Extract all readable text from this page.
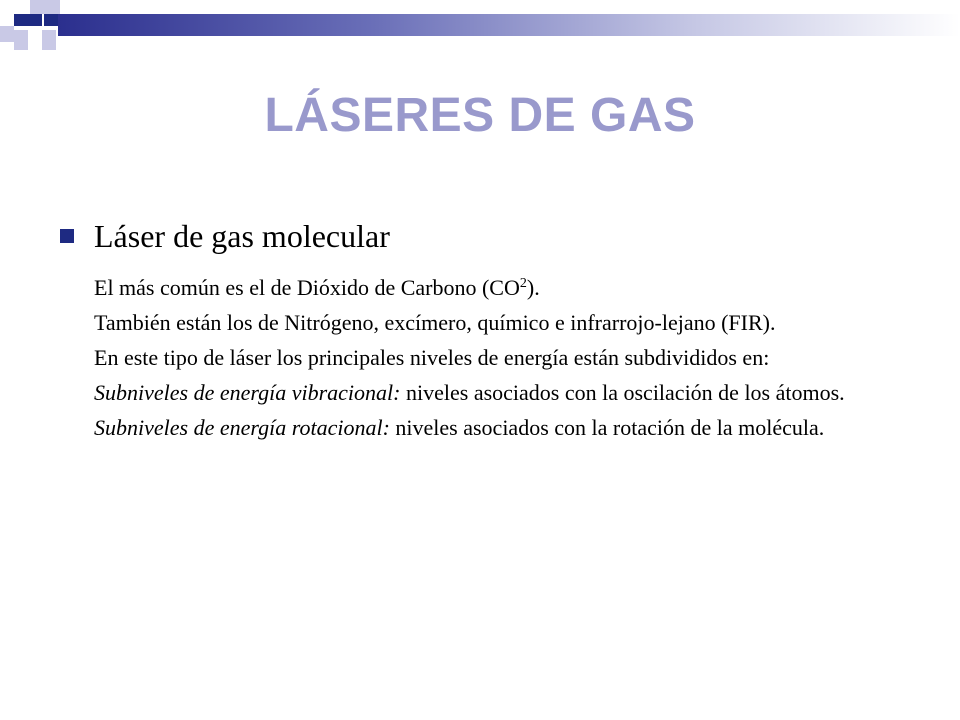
LÁSERES DE GAS
Láser de gas molecular
El más común es el de Dióxido de Carbono $(CO^2)$.
También están los de Nitrógeno, excímero, químico e infrarrojo-lejano (FIR).
En este tipo de láser los principales niveles de energía están subdivididos en:
Subniveles de energía vibracional: niveles asociados con la oscilación de los átomos.
Subniveles de energía rotacional: niveles asociados con la rotación de la molécula.
